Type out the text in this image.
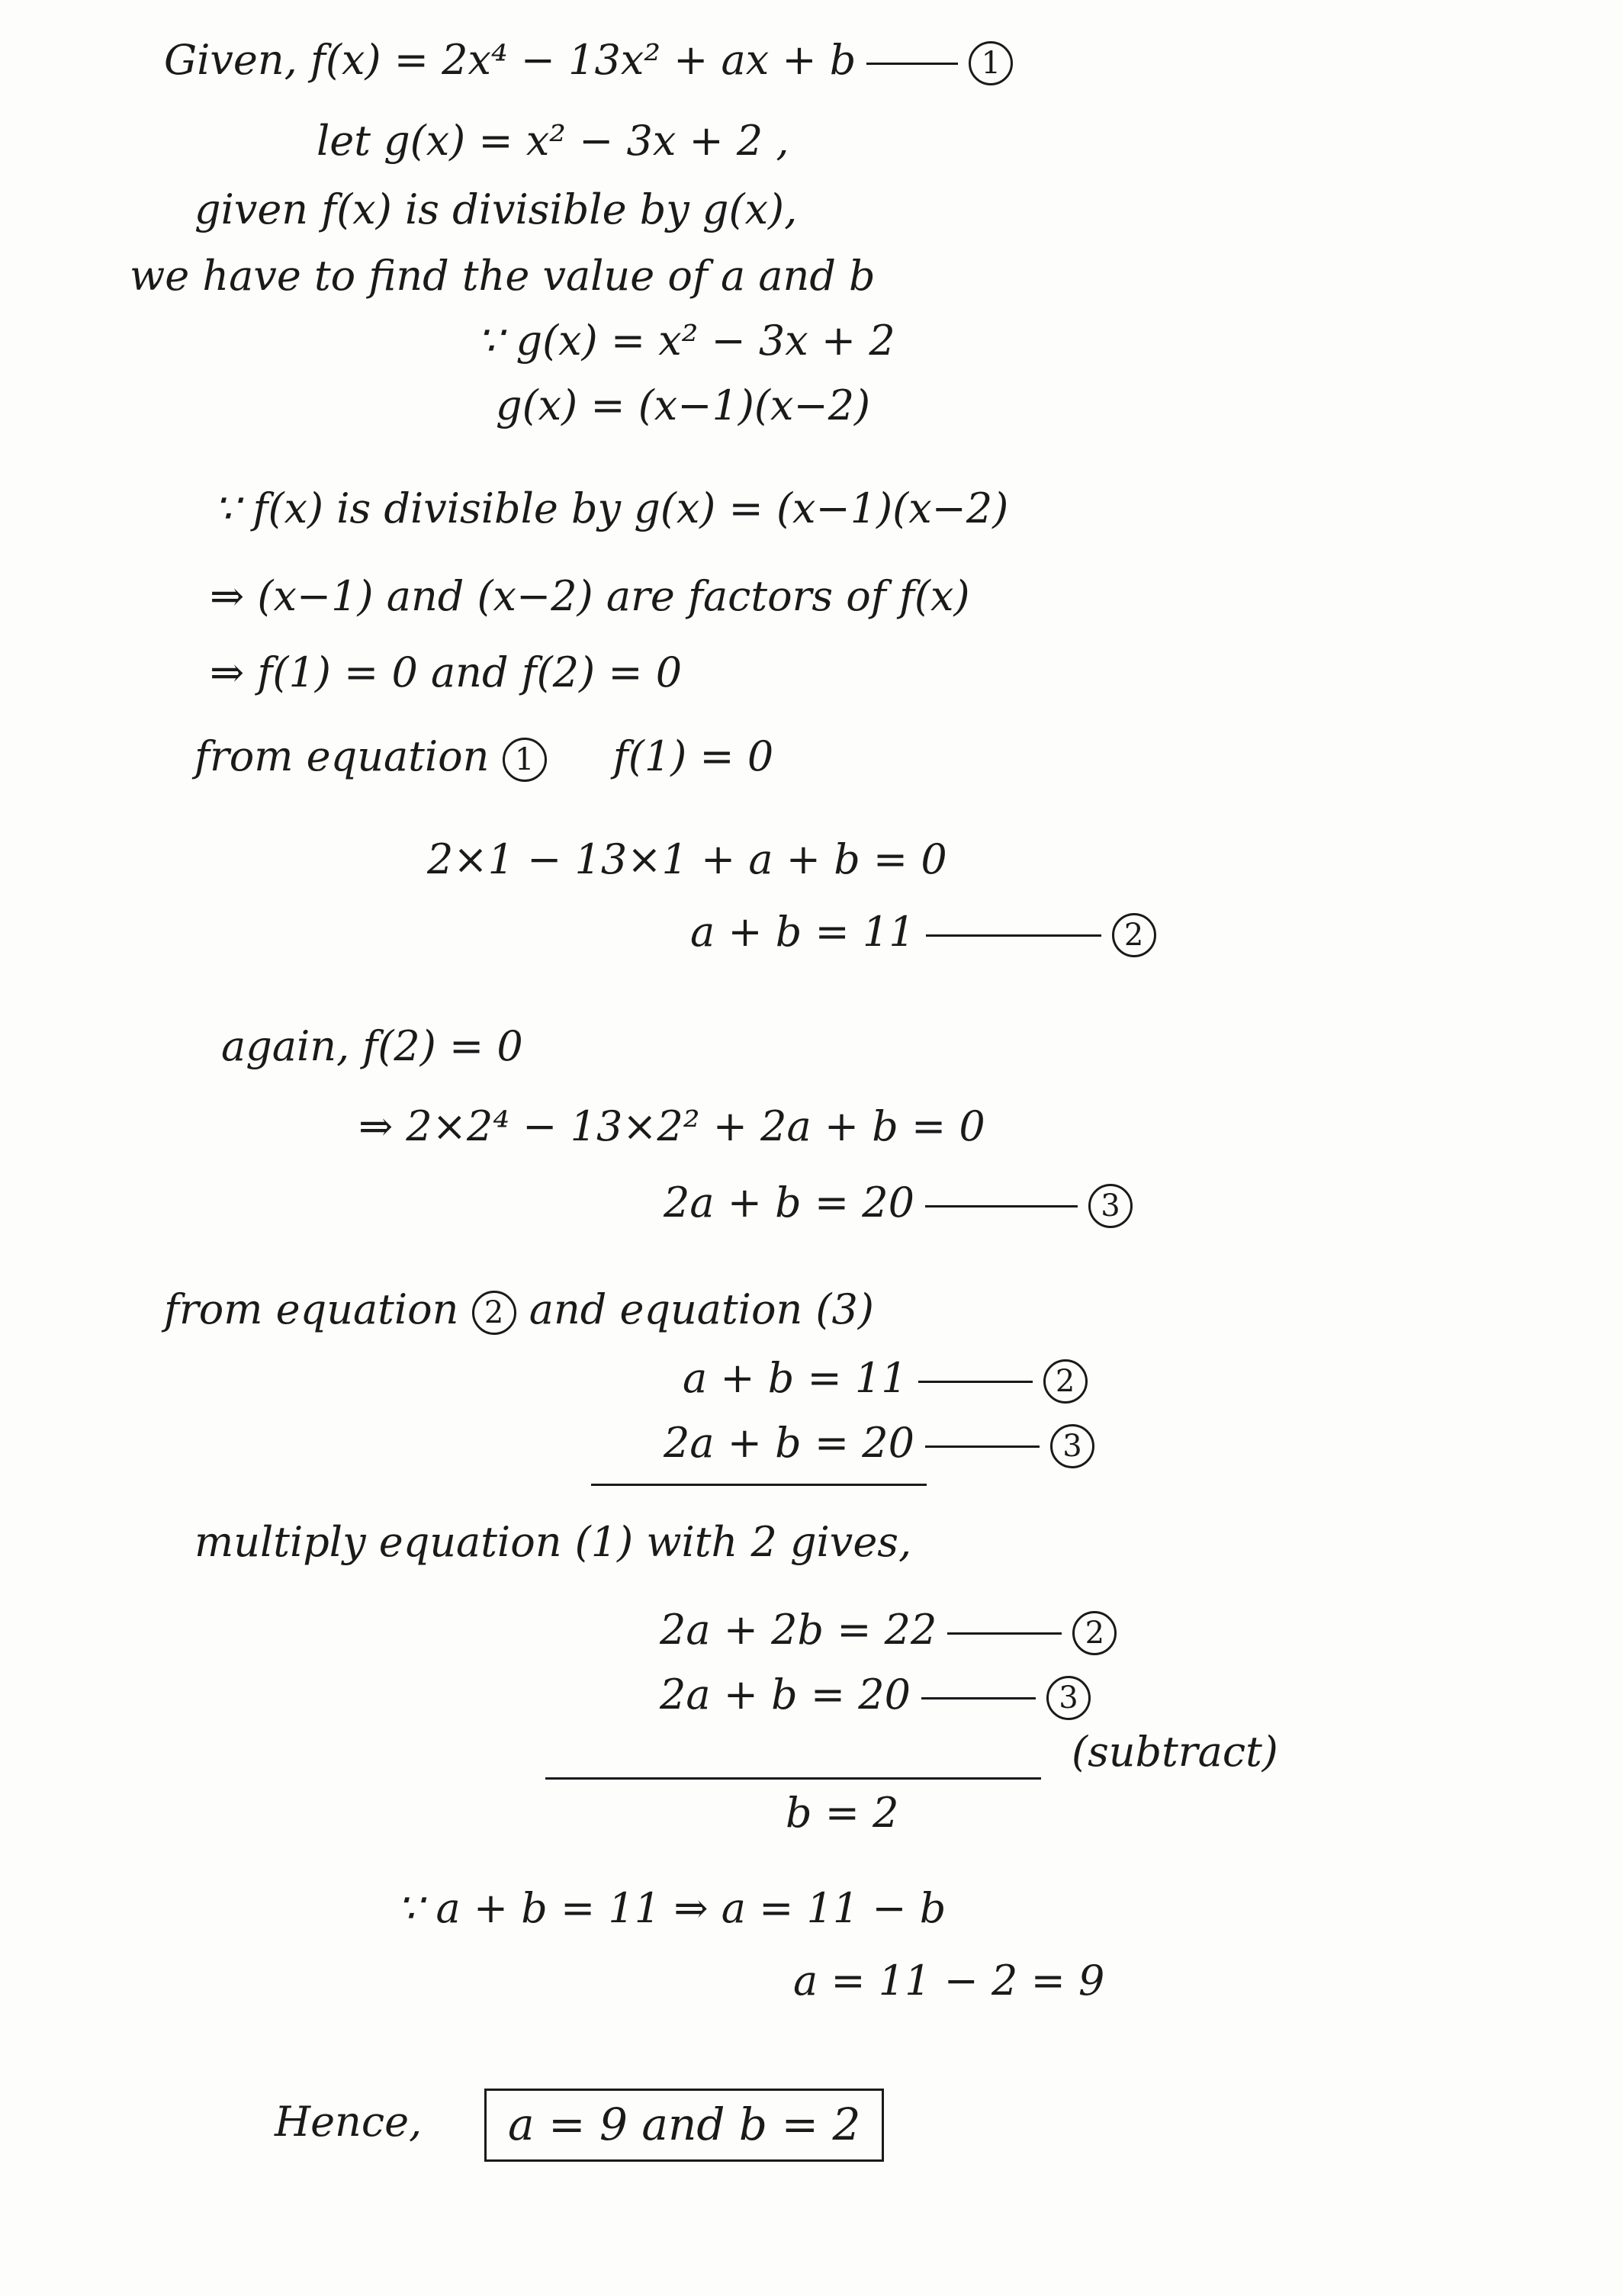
Given, f(x) = 2x⁴ − 13x² + ax + b	1
let g(x) = x² − 3x + 2 ,
given f(x) is divisible by g(x),
we have to find the value of a and b
∵ g(x) = x² − 3x + 2
g(x) = (x−1)(x−2)
∵ f(x) is divisible by g(x) = (x−1)(x−2)
⇒ (x−1) and (x−2) are factors of f(x)
⇒ f(1) = 0 and f(2) = 0
from equation 1 f(1) = 0
2×1 − 13×1 + a + b = 0
a + b = 11	2
again, f(2) = 0
⇒ 2×2⁴ − 13×2² + 2a + b = 0
2a + b = 20	3
from equation 2 and equation (3)
a + b = 11	2
2a + b = 20	3
multiply equation (1) with 2 gives,
2a + 2b = 22	2
2a + b = 20	3
(subtract)
b = 2
∵ a + b = 11 ⇒ a = 11 − b
a = 11 − 2 = 9
Hence,	a = 9 and b = 2
